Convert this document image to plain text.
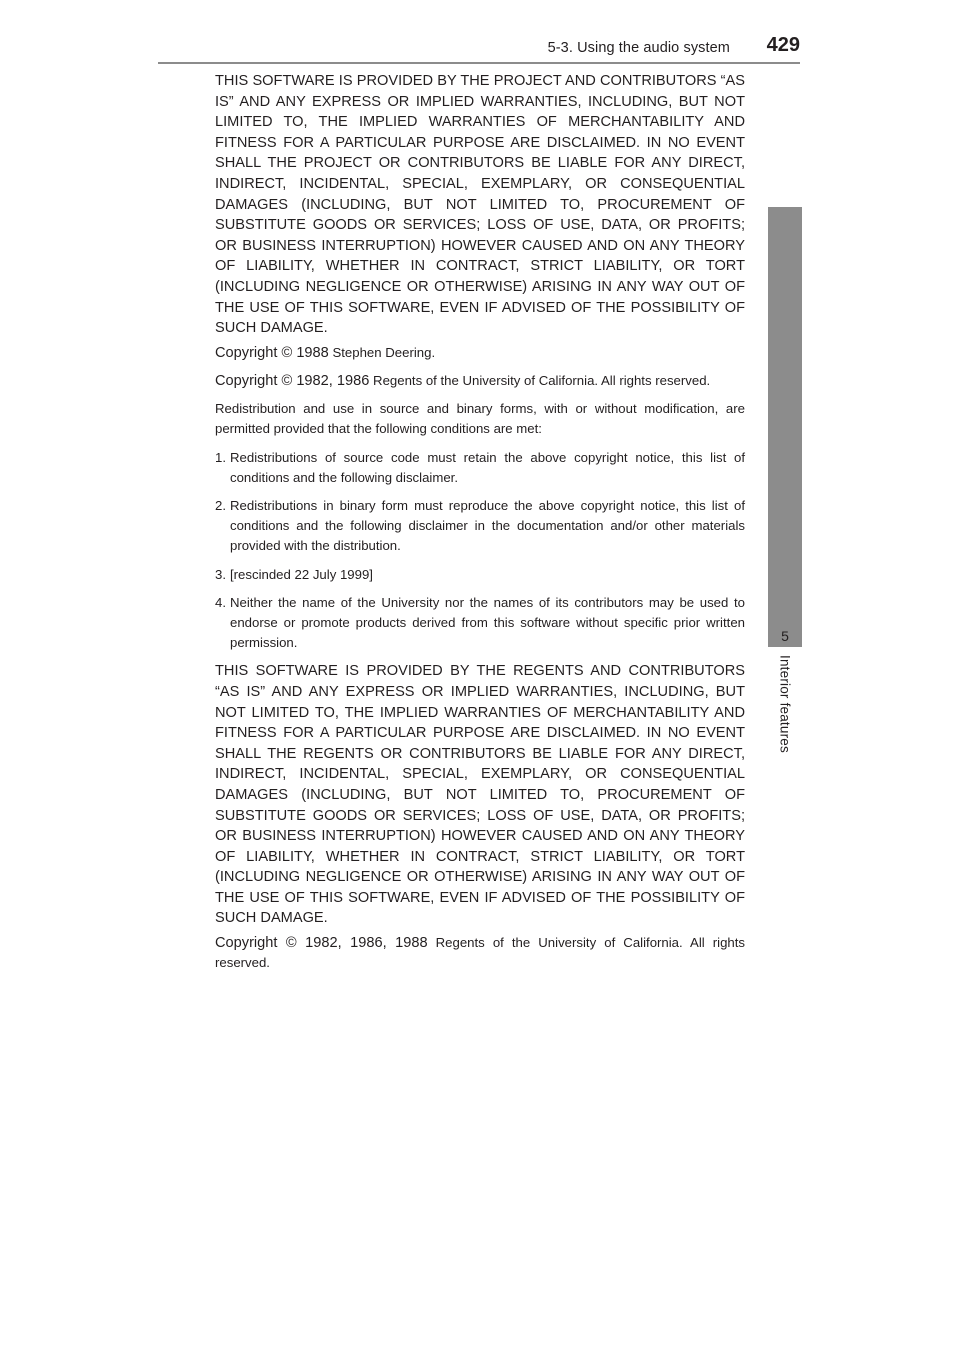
5-3. Using the audio system 429
5
Interior features

THIS SOFTWARE IS PROVIDED BY THE PROJECT AND CONTRIBUTORS “AS IS” AND ANY EXPRESS OR IMPLIED WARRANTIES, INCLUDING, BUT NOT LIMITED TO, THE IMPLIED WARRANTIES OF MERCHANTABILITY AND FITNESS FOR A PARTICULAR PURPOSE ARE DISCLAIMED. IN NO EVENT SHALL THE PROJECT OR CONTRIBUTORS BE LIABLE FOR ANY DIRECT, INDIRECT, INCIDENTAL, SPECIAL, EXEMPLARY, OR CONSEQUENTIAL DAMAGES (INCLUDING, BUT NOT LIMITED TO, PROCUREMENT OF SUBSTITUTE GOODS OR SERVICES; LOSS OF USE, DATA, OR PROFITS; OR BUSINESS INTERRUPTION) HOWEVER CAUSED AND ON ANY THEORY OF LIABILITY, WHETHER IN CONTRACT, STRICT LIABILITY, OR TORT (INCLUDING NEGLIGENCE OR OTHERWISE) ARISING IN ANY WAY OUT OF THE USE OF THIS SOFTWARE, EVEN IF ADVISED OF THE POSSIBILITY OF SUCH DAMAGE.

Copyright © 1988 Stephen Deering.

Copyright © 1982, 1986 Regents of the University of California. All rights reserved.

Redistribution and use in source and binary forms, with or without modification, are permitted provided that the following conditions are met:

1. Redistributions of source code must retain the above copyright notice, this list of conditions and the following disclaimer.
2. Redistributions in binary form must reproduce the above copyright notice, this list of conditions and the following disclaimer in the documentation and/or other materials provided with the distribution.
3. [rescinded 22 July 1999]
4. Neither the name of the University nor the names of its contributors may be used to endorse or promote products derived from this software without specific prior written permission.

THIS SOFTWARE IS PROVIDED BY THE REGENTS AND CONTRIBUTORS “AS IS” AND ANY EXPRESS OR IMPLIED WARRANTIES, INCLUDING, BUT NOT LIMITED TO, THE IMPLIED WARRANTIES OF MERCHANTABILITY AND FITNESS FOR A PARTICULAR PURPOSE ARE DISCLAIMED. IN NO EVENT SHALL THE REGENTS OR CONTRIBUTORS BE LIABLE FOR ANY DIRECT, INDIRECT, INCIDENTAL, SPECIAL, EXEMPLARY, OR CONSEQUENTIAL DAMAGES (INCLUDING, BUT NOT LIMITED TO, PROCUREMENT OF SUBSTITUTE GOODS OR SERVICES; LOSS OF USE, DATA, OR PROFITS; OR BUSINESS INTERRUPTION) HOWEVER CAUSED AND ON ANY THEORY OF LIABILITY, WHETHER IN CONTRACT, STRICT LIABILITY, OR TORT (INCLUDING NEGLIGENCE OR OTHERWISE) ARISING IN ANY WAY OUT OF THE USE OF THIS SOFTWARE, EVEN IF ADVISED OF THE POSSIBILITY OF SUCH DAMAGE.

Copyright © 1982, 1986, 1988 Regents of the University of California. All rights reserved.
